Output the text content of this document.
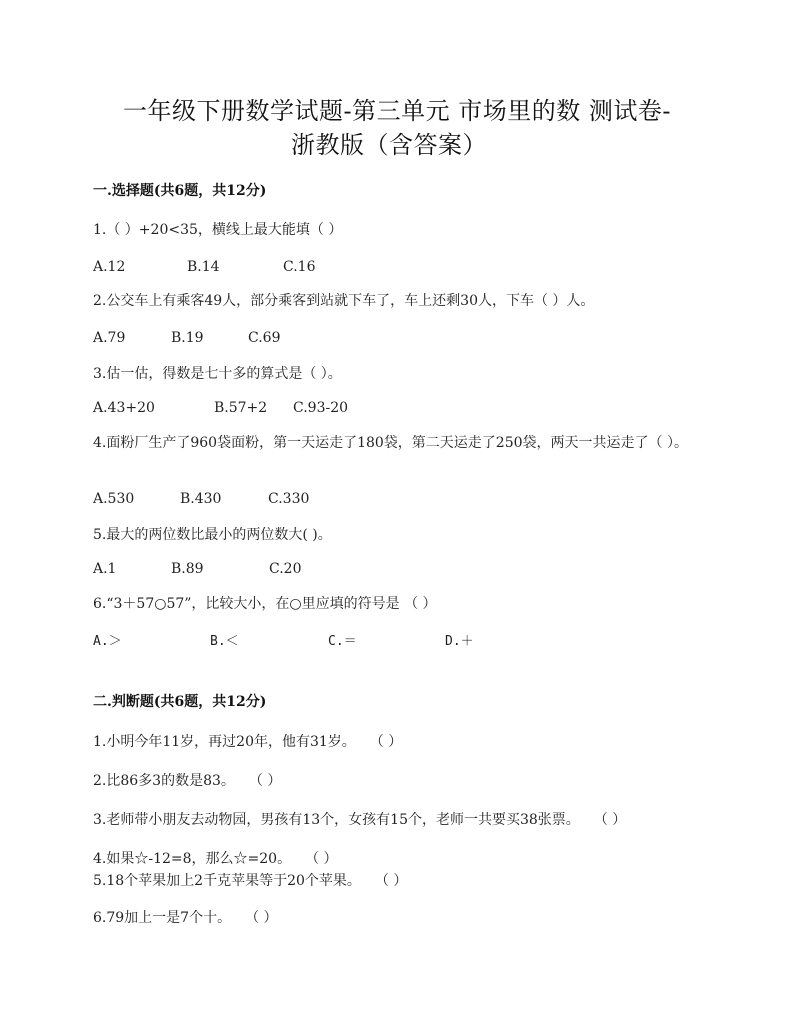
一年级下册数学试题-第三单元 市场里的数 测试卷-
浙教版（含答案）
一.选择题(共6题，共12分)
1.（ ）+20<35，横线上最大能填（ ）
A.12	B.14	C.16
2.公交车上有乘客49人，部分乘客到站就下车了，车上还剩30人，下车（ ）人。
A.79	B.19	C.69
3.估一估，得数是七十多的算式是（ ）。
A.43+20	B.57+2 C.93-20
4.面粉厂生产了960袋面粉，第一天运走了180袋，第二天运走了250袋，两天一共运走了（ ）。
A.530	B.430	C.330
5.最大的两位数比最小的两位数大( )。
A.1	B.89	C.20
6.“3＋57○57”，比较大小，在○里应填的符号是 （ ）
A.＞	B.＜	C.＝	D.＋
二.判断题(共6题，共12分)
1.小明今年11岁，再过20年，他有31岁。　　（ ）
2.比86多3的数是83。　　（ ）
3.老师带小朋友去动物园，男孩有13个，女孩有15个，老师一共要买38张票。　　（ ）
4.如果☆-12=8，那么☆=20。　　（ ）
5.18个苹果加上2千克苹果等于20个苹果。　　（ ）
6.79加上一是7个十。　　（ ）
